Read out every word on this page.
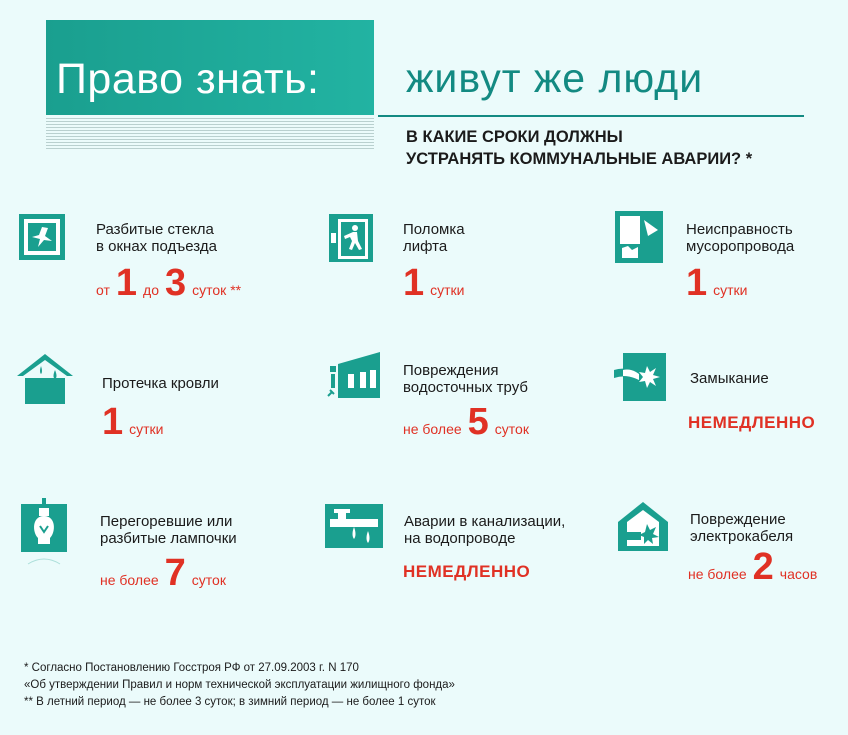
Право знать: живут же люди
В КАКИЕ СРОКИ ДОЛЖНЫ
УСТРАНЯТЬ КОММУНАЛЬНЫЕ АВАРИИ? *
Разбитые стекла
в окнах подъезда
от 1 до 3 суток **
Поломка
лифта
1 сутки
Неисправность
мусоропровода
1 сутки
Протечка кровли
1 сутки
Повреждения
водосточных труб
не более 5 суток
Замыкание
НЕМЕДЛЕННО
Перегоревшие или
разбитые лампочки
не более 7 суток
Аварии в канализации,
на водопроводе
НЕМЕДЛЕННО
Повреждение
электрокабеля
не более 2 часов
* Согласно Постановлению Госстроя РФ от 27.09.2003 г. N 170
«Об утверждении Правил и норм технической эксплуатации жилищного фонда»
** В летний период — не более 3 суток; в зимний период — не более 1 суток
